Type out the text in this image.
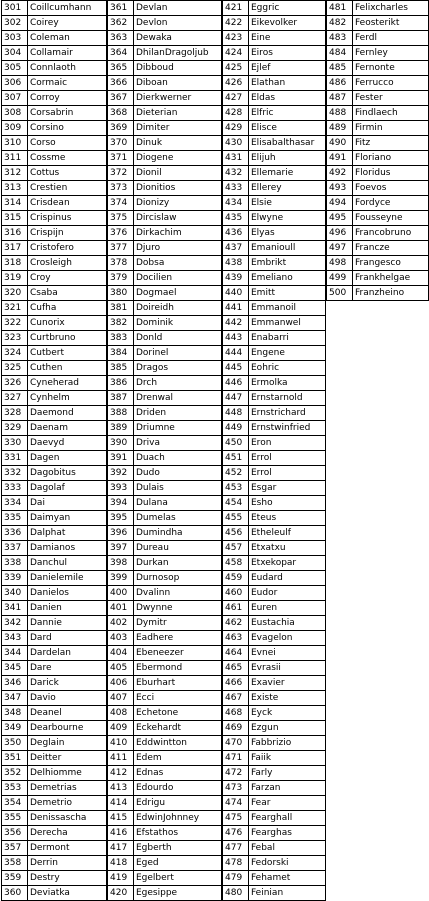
301	Coillcumhann
302	Coirey
303	Coleman
304	Collamair
305	Connlaoth
306	Cormaic
307	Corroy
308	Corsabrin
309	Corsino
310	Corso
311	Cossme
312	Cottus
313	Crestien
314	Crisdean
315	Crispinus
316	Crispijn
317	Cristofero
318	Crosleigh
319	Croy
320	Csaba
321	Cufha
322	Cunorix
323	Curtbruno
324	Cutbert
325	Cuthen
326	Cyneherad
327	Cynhelm
328	Daemond
329	Daenam
330	Daevyd
331	Dagen
332	Dagobitus
333	Dagolaf
334	Dai
335	Daimyan
336	Dalphat
337	Damianos
338	Danchul
339	Danielemile
340	Danielos
341	Danien
342	Dannie
343	Dard
344	Dardelan
345	Dare
346	Darick
347	Davio
348	Deanel
349	Dearbourne
350	Deglain
351	Deitter
352	Delhiomme
353	Demetrias
354	Demetrio
355	Denissascha
356	Derecha
357	Dermont
358	Derrin
359	Destry
360	Deviatka
361	Devlan
362	Devlon
363	Dewaka
364	DhilanDragoljub
365	Dibboud
366	Diboan
367	Dierkwerner
368	Dieterian
369	Dimiter
370	Dinuk
371	Diogene
372	Dionil
373	Dionitios
374	Dionizy
375	Dircislaw
376	Dirkachim
377	Djuro
378	Dobsa
379	Docilien
380	Dogmael
381	Doireidh
382	Dominik
383	Donld
384	Dorinel
385	Dragos
386	Drch
387	Drenwal
388	Driden
389	Driumne
390	Driva
391	Duach
392	Dudo
393	Dulais
394	Dulana
395	Dumelas
396	Dumindha
397	Dureau
398	Durkan
399	Durnosop
400	Dvalinn
401	Dwynne
402	Dymitr
403	Eadhere
404	Ebeneezer
405	Ebermond
406	Eburhart
407	Ecci
408	Echetone
409	Eckehardt
410	Eddwintton
411	Edem
412	Ednas
413	Edourdo
414	Edrigu
415	EdwinJohnney
416	Efstathos
417	Egberth
418	Eged
419	Egelbert
420	Egesippe
421	Eggric
422	Eikevolker
423	Eine
424	Eiros
425	Ejlef
426	Elathan
427	Eldas
428	Elfric
429	Elisce
430	Elisabalthasar
431	Elijuh
432	Ellemarie
433	Ellerey
434	Elsie
435	Elwyne
436	Elyas
437	Emanioull
438	Embrikt
439	Emeliano
440	Emitt
441	Emmanoil
442	Emmanwel
443	Enabarri
444	Engene
445	Eohric
446	Ermolka
447	Ernstarnold
448	Ernstrichard
449	Ernstwinfried
450	Eron
451	Errol
452	Errol
453	Esgar
454	Esho
455	Eteus
456	Etheleulf
457	Etxatxu
458	Etxekopar
459	Eudard
460	Eudor
461	Euren
462	Eustachia
463	Evagelon
464	Evnei
465	Evrasii
466	Exavier
467	Existe
468	Eyck
469	Ezgun
470	Fabbrizio
471	Faiik
472	Farly
473	Farzan
474	Fear
475	Fearghall
476	Fearghas
477	Febal
478	Fedorski
479	Fehamet
480	Feinian
481	Felixcharles
482	Feosterikt
483	Ferdl
484	Fernley
485	Fernonte
486	Ferrucco
487	Fester
488	Findlaech
489	Firmin
490	Fitz
491	Floriano
492	Floridus
493	Foevos
494	Fordyce
495	Fousseyne
496	Francobruno
497	Francze
498	Frangesco
499	Frankhelgae
500	Franzheino
